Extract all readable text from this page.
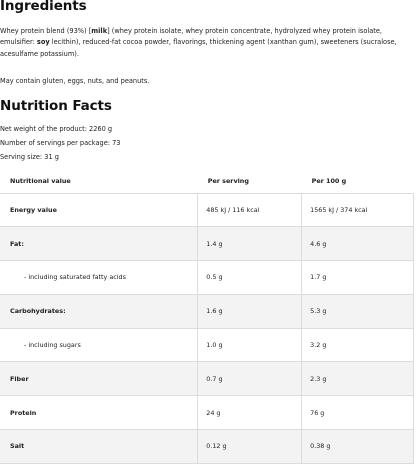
Ingredients

Whey protein blend (93%) [milk] (whey protein isolate, whey protein concentrate, hydrolyzed whey protein isolate, emulsifier: soy lecithin), reduced-fat cocoa powder, flavorings, thickening agent (xanthan gum), sweeteners (sucralose, acesulfame potassium).

May contain gluten, eggs, nuts, and peanuts.

Nutrition Facts
Net weight of the product: 2260 g
Number of servings per package: 73
Serving size: 31 g
Nutritional value	Per serving	Per 100 g
Energy value	485 kJ / 116 kcal	1565 kJ / 374 kcal
Fat:	1.4 g	4.6 g
- including saturated fatty acids	0.5 g	1.7 g
Carbohydrates:	1.6 g	5.3 g
- including sugars	1.0 g	3.2 g
Fiber	0.7 g	2.3 g
Protein	24 g	76 g
Salt	0.12 g	0.38 g
